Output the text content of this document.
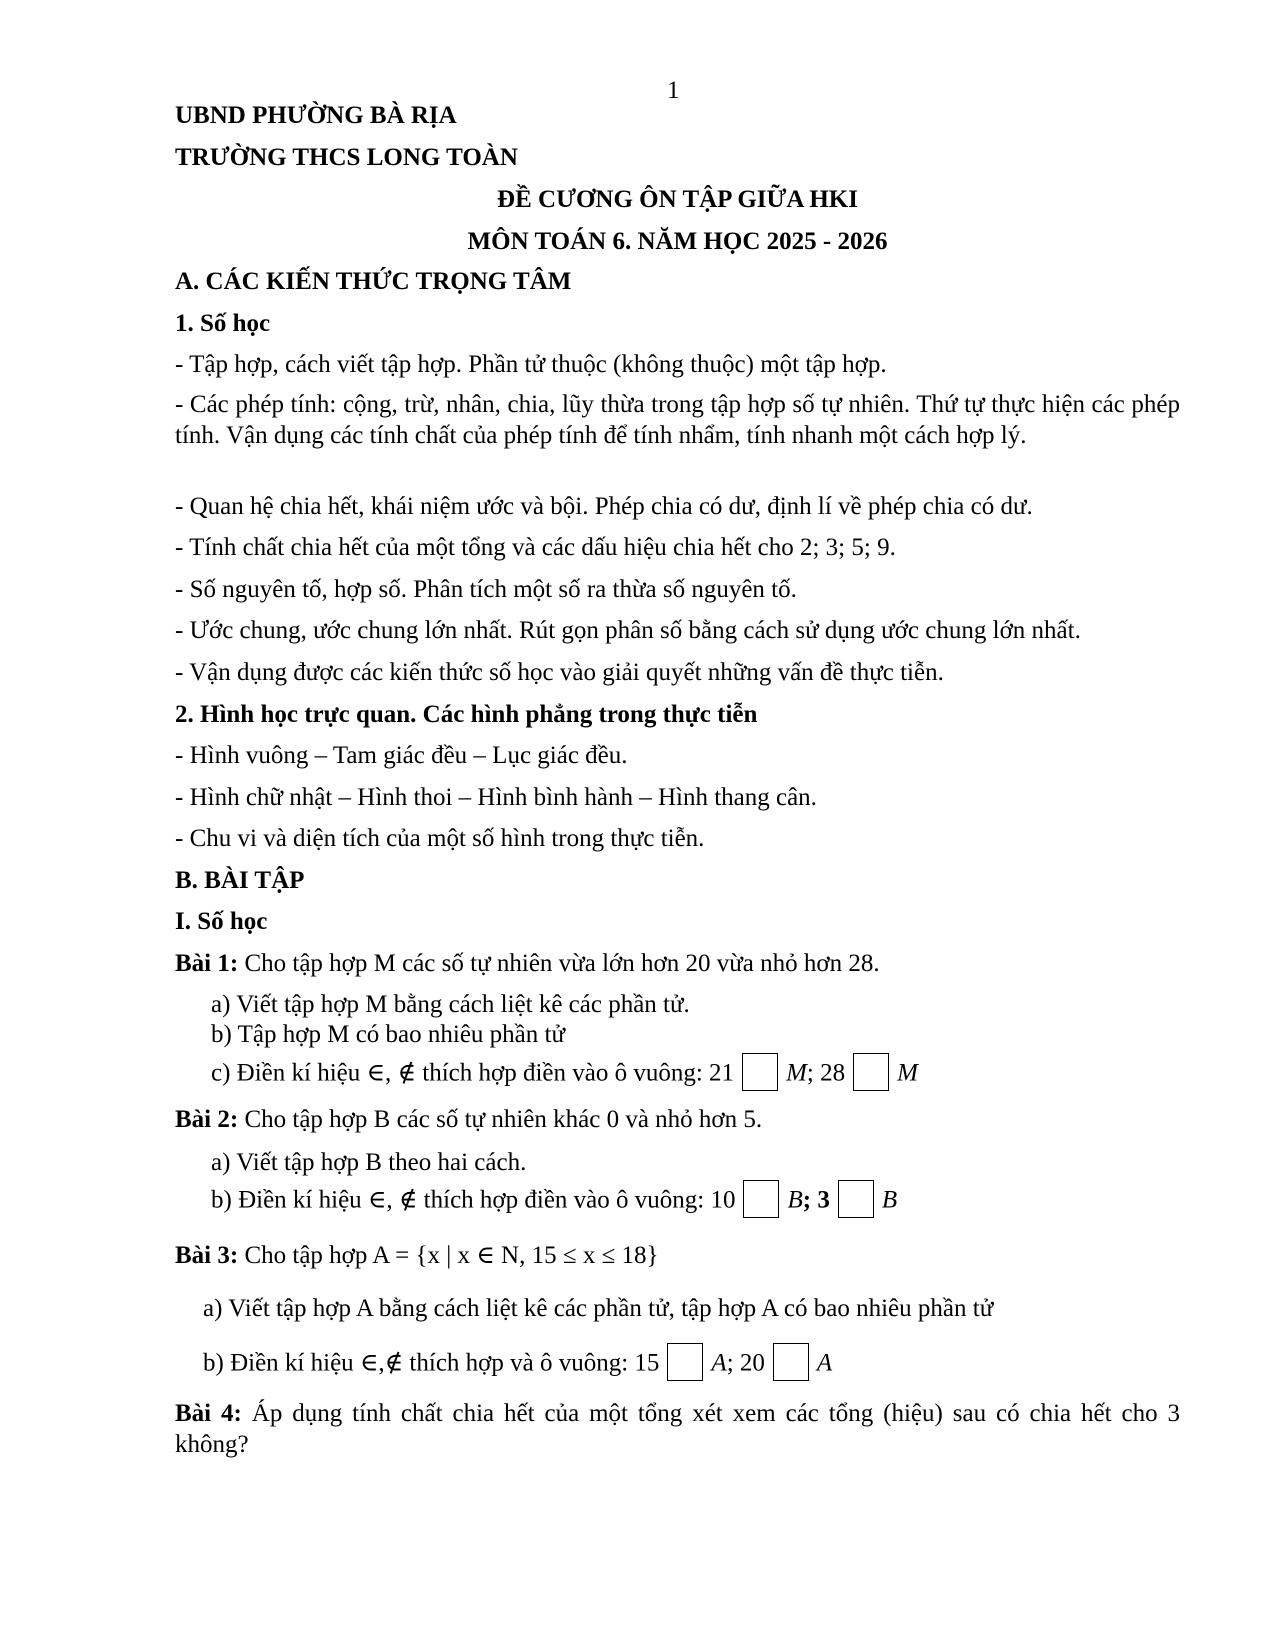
1
UBND PHƯỜNG BÀ RỊA
TRƯỜNG THCS LONG TOÀN
ĐỀ CƯƠNG ÔN TẬP GIỮA HKI
MÔN TOÁN 6. NĂM HỌC 2025 - 2026
A. CÁC KIẾN THỨC TRỌNG TÂM
1. Số học
- Tập hợp, cách viết tập hợp. Phần tử thuộc (không thuộc) một tập hợp.
- Các phép tính: cộng, trừ, nhân, chia, lũy thừa trong tập hợp số tự nhiên. Thứ tự thực hiện các phép tính. Vận dụng các tính chất của phép tính để tính nhẩm, tính nhanh một cách hợp lý.
- Quan hệ chia hết, khái niệm ước và bội. Phép chia có dư, định lí về phép chia có dư.
- Tính chất chia hết của một tổng và các dấu hiệu chia hết cho 2; 3; 5; 9.
- Số nguyên tố, hợp số. Phân tích một số ra thừa số nguyên tố.
- Ước chung, ước chung lớn nhất. Rút gọn phân số bằng cách sử dụng ước chung lớn nhất.
- Vận dụng được các kiến thức số học vào giải quyết những vấn đề thực tiễn.
2. Hình học trực quan. Các hình phẳng trong thực tiễn
- Hình vuông – Tam giác đều – Lục giác đều.
- Hình chữ nhật – Hình thoi – Hình bình hành – Hình thang cân.
- Chu vi và diện tích của một số hình trong thực tiễn.
B. BÀI TẬP
I. Số học
Bài 1: Cho tập hợp M các số tự nhiên vừa lớn hơn 20 vừa nhỏ hơn 28.
a) Viết tập hợp M bằng cách liệt kê các phần tử.
b) Tập hợp M có bao nhiêu phần tử
c) Điền kí hiệu ∈, ∉ thích hợp điền vào ô vuông: 21 M; 28 M
Bài 2: Cho tập hợp B các số tự nhiên khác 0 và nhỏ hơn 5.
a) Viết tập hợp B theo hai cách.
b) Điền kí hiệu ∈, ∉ thích hợp điền vào ô vuông: 10 B; 3 B
Bài 3: Cho tập hợp A = {x | x ∈ N, 15 ≤ x ≤ 18}
a) Viết tập hợp A bằng cách liệt kê các phần tử, tập hợp A có bao nhiêu phần tử
b) Điền kí hiệu ∈,∉ thích hợp và ô vuông: 15 A; 20 A
Bài 4: Áp dụng tính chất chia hết của một tổng xét xem các tổng (hiệu) sau có chia hết cho 3 không?
